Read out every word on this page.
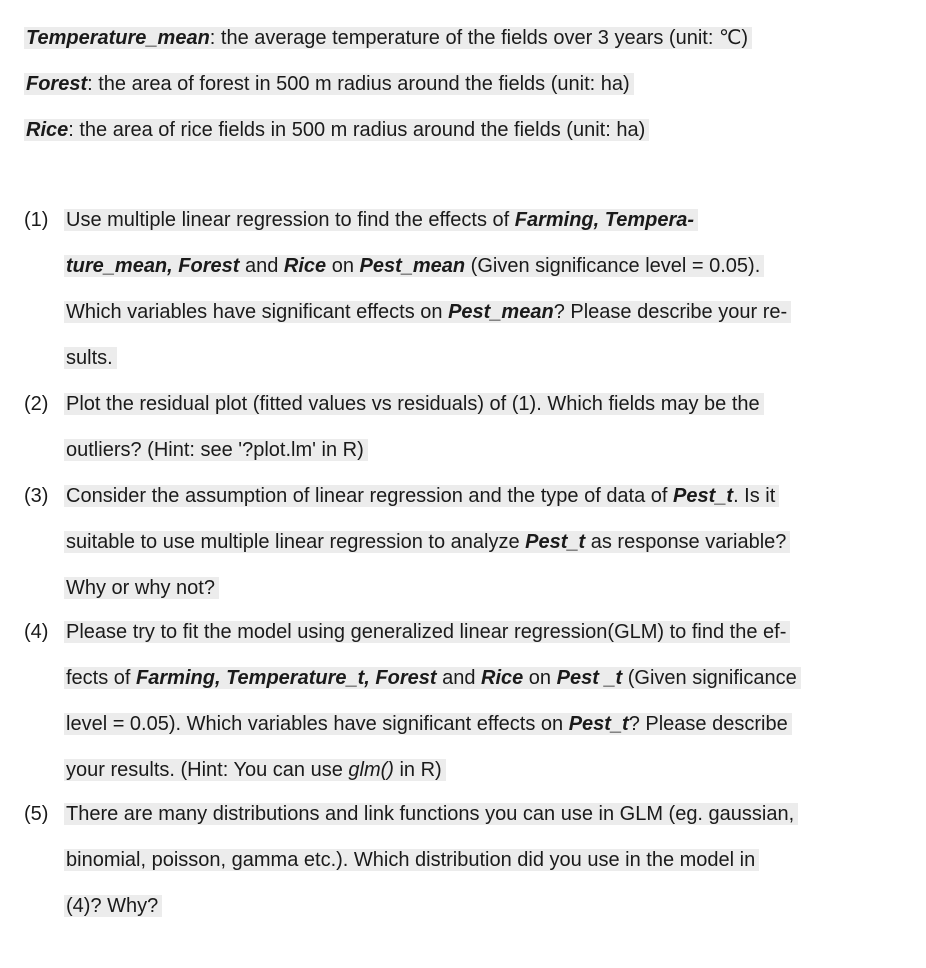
Temperature_mean: the average temperature of the fields over 3 years (unit: ℃)
Forest: the area of forest in 500 m radius around the fields (unit: ha)
Rice: the area of rice fields in 500 m radius around the fields (unit: ha)
(1) Use multiple linear regression to find the effects of Farming, Tempera-
ture_mean, Forest and Rice on Pest_mean (Given significance level = 0.05).
Which variables have significant effects on Pest_mean? Please describe your re-
sults.
(2) Plot the residual plot (fitted values vs residuals) of (1). Which fields may be the
outliers? (Hint: see '?plot.lm' in R)
(3) Consider the assumption of linear regression and the type of data of Pest_t. Is it
suitable to use multiple linear regression to analyze Pest_t as response variable?
Why or why not?
(4) Please try to fit the model using generalized linear regression(GLM) to find the ef-
fects of Farming, Temperature_t, Forest and Rice on Pest _t (Given significance
level = 0.05). Which variables have significant effects on Pest_t? Please describe
your results. (Hint: You can use glm() in R)
(5) There are many distributions and link functions you can use in GLM (eg. gaussian,
binomial, poisson, gamma etc.). Which distribution did you use in the model in
(4)? Why?
